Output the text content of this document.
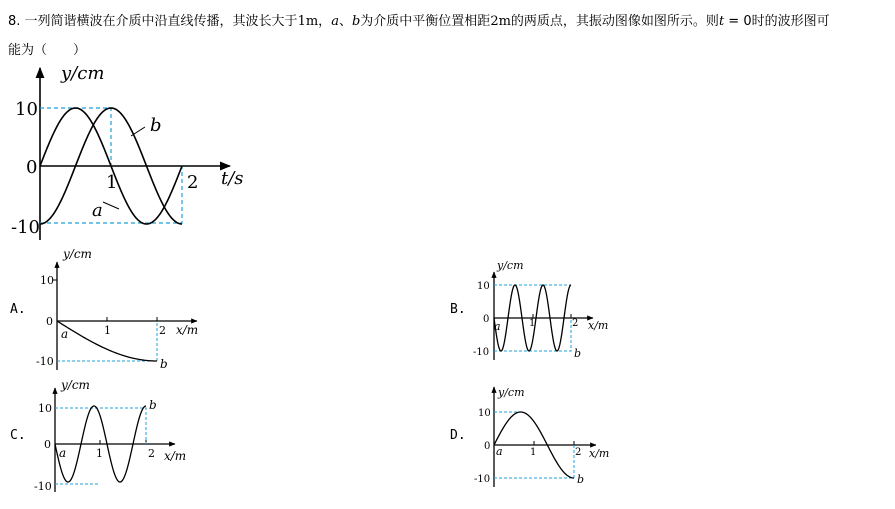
8. 一列简谐横波在介质中沿直线传播，其波长大于1m，a、b为介质中平衡位置相距2m的两质点，其振动图像如图所示。则t = 0时的波形图可
能为（　　）
A.	B.
C.	D.
y/cm
10
0
-10
1	2 t/s
a
b
y/cm
10
0
-10
1	2 x/m
a
b
y/cm
10
0
-10
1	2 x/m
a
b
y/cm
10
0
-10
1	2 x/m
a
b
y/cm
10
0
-10
1	2 x/m
a
b
